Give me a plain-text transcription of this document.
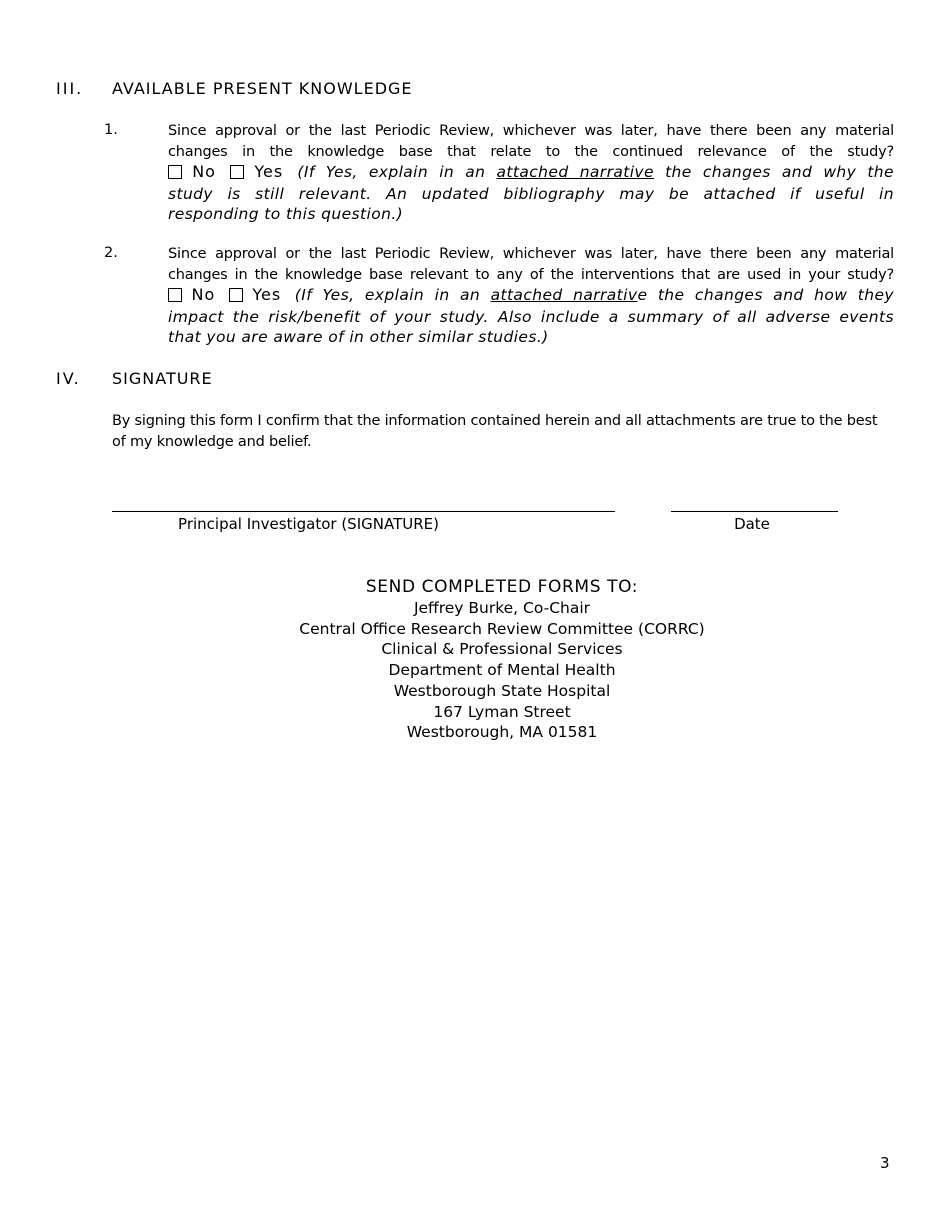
III. AVAILABLE PRESENT KNOWLEDGE
1.	Since approval or the last Periodic Review, whichever was later, have there been any material
changes in the knowledge base that relate to the continued relevance of the study?
No Yes (If Yes, explain in an attached narrative the changes and why the
study is still relevant. An updated bibliography may be attached if useful in
responding to this question.)
2.	Since approval or the last Periodic Review, whichever was later, have there been any material
changes in the knowledge base relevant to any of the interventions that are used in your study?
No Yes (If Yes, explain in an attached narrative the changes and how they
impact the risk/benefit of your study. Also include a summary of all adverse events
that you are aware of in other similar studies.)
IV. SIGNATURE
By signing this form I confirm that the information contained herein and all attachments are true to the best of my knowledge and belief.
Principal Investigator (SIGNATURE)	Date
SEND COMPLETED FORMS TO:
Jeffrey Burke, Co-Chair
Central Office Research Review Committee (CORRC)
Clinical & Professional Services
Department of Mental Health
Westborough State Hospital
167 Lyman Street
Westborough, MA 01581
3
